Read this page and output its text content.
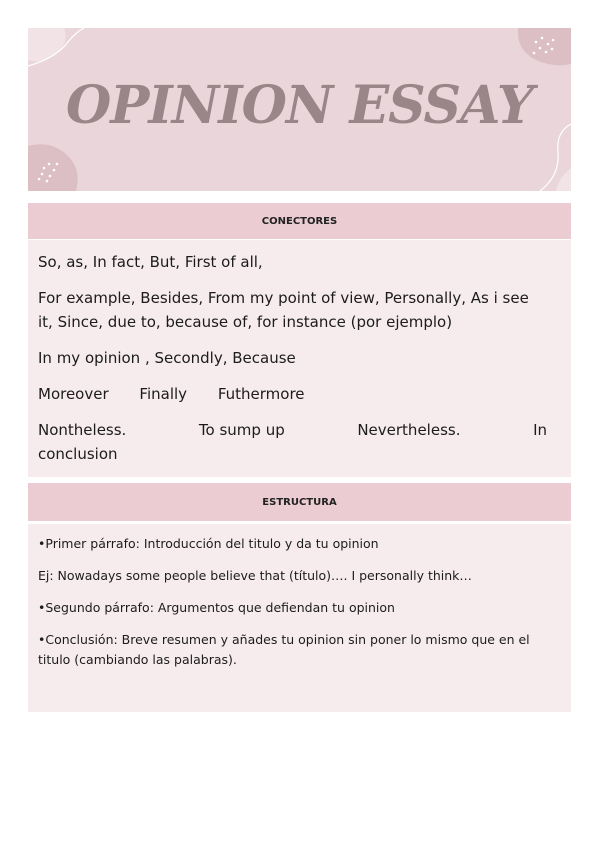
OPINION ESSAY
CONECTORES
So, as, In fact, But, First of all,
For example, Besides, From my point of view, Personally, As i see it, Since, due to, because of, for instance (por ejemplo)
In my opinion , Secondly, Because
Moreover Finally Futhermore
Nontheless.	To sump up	Nevertheless.	In
conclusion
ESTRUCTURA
•Primer párrafo: Introducción del titulo y da tu opinion
Ej: Nowadays some people believe that (título)…. I personally think…
•Segundo párrafo: Argumentos que defiendan tu opinion
•Conclusión: Breve resumen y añades tu opinion sin poner lo mismo que en el titulo (cambiando las palabras).
